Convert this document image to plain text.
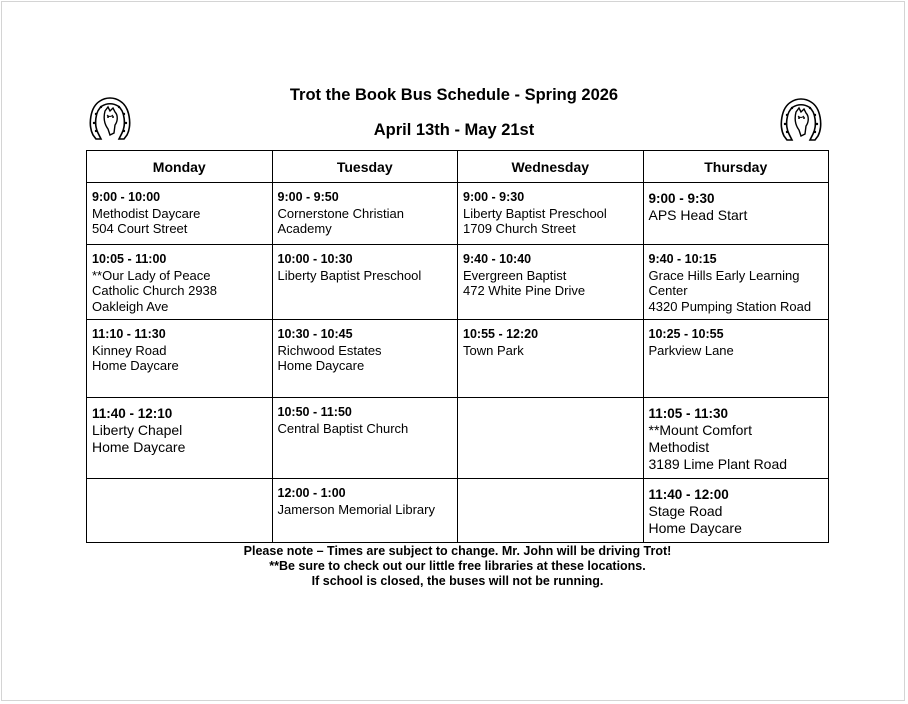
Trot the Book Bus Schedule - Spring 2026
April 13th - May 21st
Monday	Tuesday	Wednesday	Thursday

9:00 - 10:00
Methodist Daycare
504 Court Street	9:00 - 9:50
Cornerstone Christian
Academy	9:00 - 9:30
Liberty Baptist Preschool
1709 Church Street	9:00 - 9:30
APS Head Start

10:05 - 11:00
**Our Lady of Peace
Catholic Church 2938
Oakleigh Ave	10:00 - 10:30
Liberty Baptist Preschool	9:40 - 10:40
Evergreen Baptist
472 White Pine Drive	9:40 - 10:15
Grace Hills Early Learning
Center
4320 Pumping Station Road

11:10 - 11:30
Kinney Road
Home Daycare	10:30 - 10:45
Richwood Estates
Home Daycare	10:55 - 12:20
Town Park	10:25 - 10:55
Parkview Lane

11:40 - 12:10
Liberty Chapel
Home Daycare	10:50 - 11:50
Central Baptist Church		11:05 - 11:30
**Mount Comfort
Methodist
3189 Lime Plant Road

	12:00 - 1:00
Jamerson Memorial Library		11:40 - 12:00
Stage Road
Home Daycare
Please note – Times are subject to change. Mr. John will be driving Trot!
**Be sure to check out our little free libraries at these locations.
If school is closed, the buses will not be running.
